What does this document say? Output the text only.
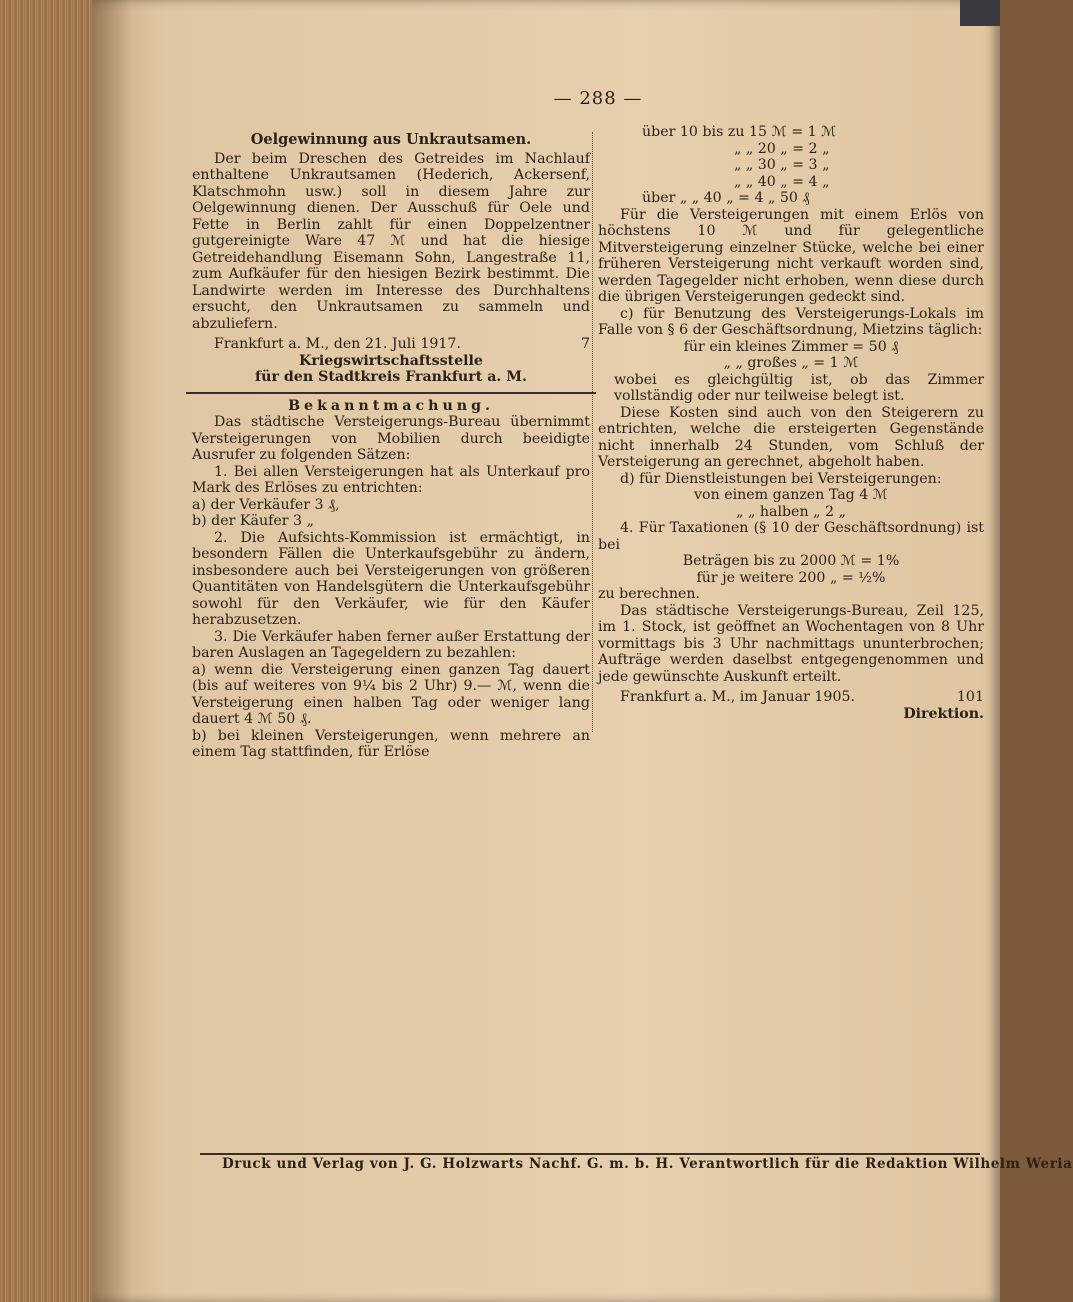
— 288 —
Oelgewinnung aus Unkrautsamen.

Der beim Dreschen des Getreides im Nachlauf enthaltene Unkrautsamen (Hederich, Ackersenf, Klatschmohn usw.) soll in diesem Jahre zur Oelgewinnung dienen. Der Ausschuß für Oele und Fette in Berlin zahlt für einen Doppelzentner gutgereinigte Ware 47 ℳ und hat die hiesige Getreidehandlung Eisemann Sohn, Langestraße 11, zum Aufkäufer für den hiesigen Bezirk bestimmt. Die Landwirte werden im Interesse des Durchhaltens ersucht, den Unkrautsamen zu sammeln und abzuliefern.

Frankfurt a. M., den 21. Juli 1917.	7
Kriegswirtschaftsstelle
für den Stadtkreis Frankfurt a. M.
Bekanntmachung.

Das städtische Versteigerungs-Bureau übernimmt Versteigerungen von Mobilien durch beeidigte Ausrufer zu folgenden Sätzen:

1. Bei allen Versteigerungen hat als Unterkauf pro Mark des Erlöses zu entrichten:

a) der Verkäufer 3 ₰,

b) der Käufer 3 „

2. Die Aufsichts-Kommission ist ermächtigt, in besondern Fällen die Unterkaufsgebühr zu ändern, insbesondere auch bei Versteigerungen von größeren Quantitäten von Handelsgütern die Unterkaufsgebühr sowohl für den Verkäufer, wie für den Käufer herabzusetzen.

3. Die Verkäufer haben ferner außer Erstattung der baren Auslagen an Tagegeldern zu bezahlen:

a) wenn die Versteigerung einen ganzen Tag dauert (bis auf weiteres von 9¼ bis 2 Uhr) 9.— ℳ, wenn die Versteigerung einen halben Tag oder weniger lang dauert 4 ℳ 50 ₰.

b) bei kleinen Versteigerungen, wenn mehrere an einem Tag stattfinden, für Erlöse

über 10 bis zu 15 ℳ = 1 ℳ
„ „ 20 „ = 2 „
„ „ 30 „ = 3 „
„ „ 40 „ = 4 „
über „ „ 40 „ = 4 „ 50 ₰

Für die Versteigerungen mit einem Erlös von höchstens 10 ℳ und für gelegentliche Mitversteigerung einzelner Stücke, welche bei einer früheren Versteigerung nicht verkauft worden sind, werden Tagegelder nicht erhoben, wenn diese durch die übrigen Versteigerungen gedeckt sind.

c) für Benutzung des Versteigerungs-Lokals im Falle von § 6 der Geschäftsordnung, Mietzins täglich:

für ein kleines Zimmer = 50 ₰
„ „ großes „ = 1 ℳ

wobei es gleichgültig ist, ob das Zimmer vollständig oder nur teilweise belegt ist.

Diese Kosten sind auch von den Steigerern zu entrichten, welche die ersteigerten Gegenstände nicht innerhalb 24 Stunden, vom Schluß der Versteigerung an gerechnet, abgeholt haben.

d) für Dienstleistungen bei Versteigerungen:

von einem ganzen Tag 4 ℳ
„ „ halben „ 2 „

4. Für Taxationen (§ 10 der Geschäftsordnung) ist bei

Beträgen bis zu 2000 ℳ = 1%
für je weitere 200 „ = ½%

zu berechnen.

Das städtische Versteigerungs-Bureau, Zeil 125, im 1. Stock, ist geöffnet an Wochentagen von 8 Uhr vormittags bis 3 Uhr nachmittags ununterbrochen; Aufträge werden daselbst entgegengenommen und jede gewünschte Auskunft erteilt.

Frankfurt a. M., im Januar 1905.	101
Direktion.
Druck und Verlag von J. G. Holzwarts Nachf. G. m. b. H. Verantwortlich für die Redaktion Wilhelm Weria
